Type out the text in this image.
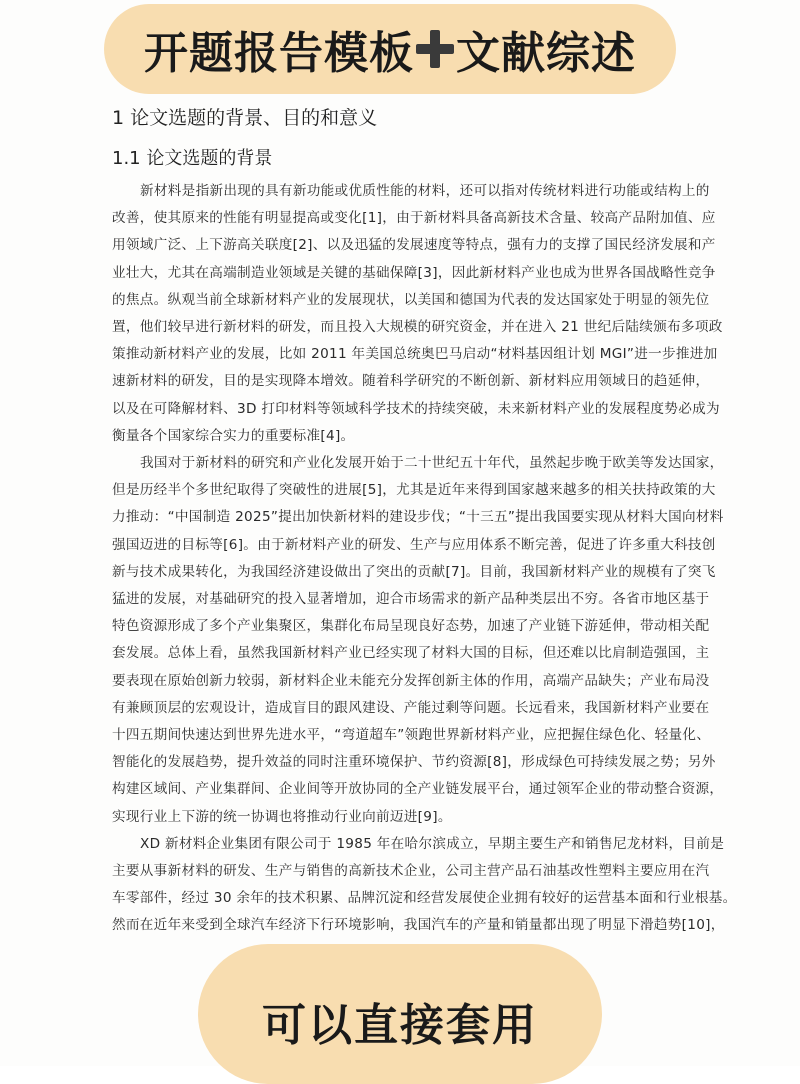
开题报告模板 文献综述
1 论文选题的背景、目的和意义
1.1 论文选题的背景
新材料是指新出现的具有新功能或优质性能的材料，还可以指对传统材料进行功能或结构上的
改善，使其原来的性能有明显提高或变化[1]，由于新材料具备高新技术含量、较高产品附加值、应
用领域广泛、上下游高关联度[2]、以及迅猛的发展速度等特点，强有力的支撑了国民经济发展和产
业壮大，尤其在高端制造业领域是关键的基础保障[3]，因此新材料产业也成为世界各国战略性竞争
的焦点。纵观当前全球新材料产业的发展现状，以美国和德国为代表的发达国家处于明显的领先位
置，他们较早进行新材料的研发，而且投入大规模的研究资金，并在进入 21 世纪后陆续颁布多项政
策推动新材料产业的发展，比如 2011 年美国总统奥巴马启动“材料基因组计划 MGI”进一步推进加
速新材料的研发，目的是实现降本增效。随着科学研究的不断创新、新材料应用领域日的趋延伸，
以及在可降解材料、3D 打印材料等领域科学技术的持续突破，未来新材料产业的发展程度势必成为
衡量各个国家综合实力的重要标准[4]。
我国对于新材料的研究和产业化发展开始于二十世纪五十年代，虽然起步晚于欧美等发达国家，
但是历经半个多世纪取得了突破性的进展[5]，尤其是近年来得到国家越来越多的相关扶持政策的大
力推动：“中国制造 2025”提出加快新材料的建设步伐；“十三五”提出我国要实现从材料大国向材料
强国迈进的目标等[6]。由于新材料产业的研发、生产与应用体系不断完善，促进了许多重大科技创
新与技术成果转化，为我国经济建设做出了突出的贡献[7]。目前，我国新材料产业的规模有了突飞
猛进的发展，对基础研究的投入显著增加，迎合市场需求的新产品种类层出不穷。各省市地区基于
特色资源形成了多个产业集聚区，集群化布局呈现良好态势，加速了产业链下游延伸，带动相关配
套发展。总体上看，虽然我国新材料产业已经实现了材料大国的目标，但还难以比肩制造强国，主
要表现在原始创新力较弱，新材料企业未能充分发挥创新主体的作用，高端产品缺失；产业布局没
有兼顾顶层的宏观设计，造成盲目的跟风建设、产能过剩等问题。长远看来，我国新材料产业要在
十四五期间快速达到世界先进水平，“弯道超车”领跑世界新材料产业，应把握住绿色化、轻量化、
智能化的发展趋势，提升效益的同时注重环境保护、节约资源[8]，形成绿色可持续发展之势；另外
构建区域间、产业集群间、企业间等开放协同的全产业链发展平台，通过领军企业的带动整合资源，
实现行业上下游的统一协调也将推动行业向前迈进[9]。
XD 新材料企业集团有限公司于 1985 年在哈尔滨成立，早期主要生产和销售尼龙材料，目前是
主要从事新材料的研发、生产与销售的高新技术企业，公司主营产品石油基改性塑料主要应用在汽
车零部件，经过 30 余年的技术积累、品牌沉淀和经营发展使企业拥有较好的运营基本面和行业根基。
然而在近年来受到全球汽车经济下行环境影响，我国汽车的产量和销量都出现了明显下滑趋势[10]，
可以直接套用
